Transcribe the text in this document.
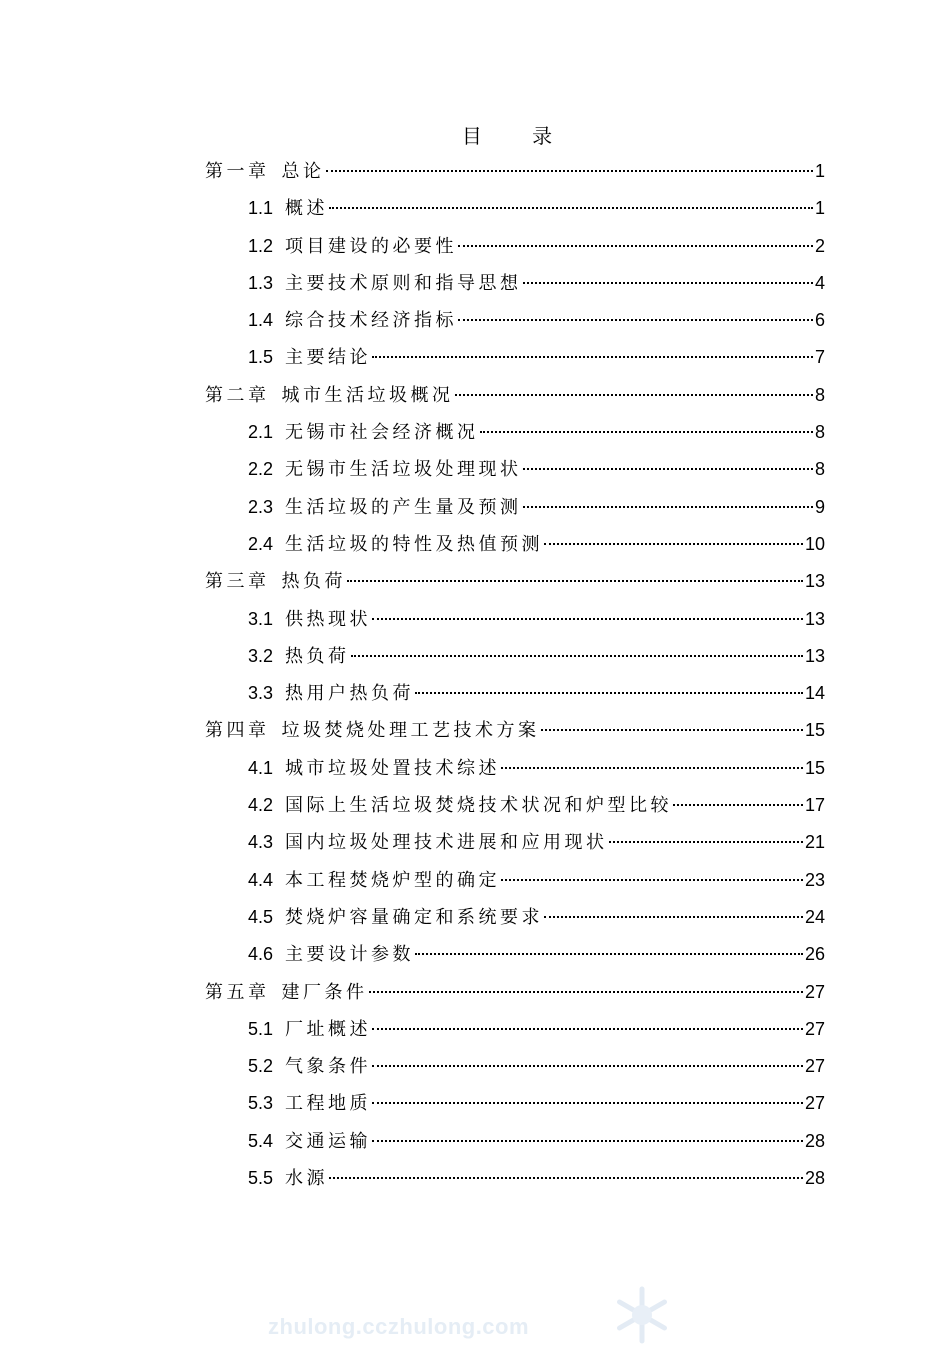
目 录
第一章 总论	1
1.1 概述	1
1.2 项目建设的必要性	2
1.3 主要技术原则和指导思想	4
1.4 综合技术经济指标	6
1.5 主要结论	7
第二章 城市生活垃圾概况	8
2.1 无锡市社会经济概况	8
2.2 无锡市生活垃圾处理现状	8
2.3 生活垃圾的产生量及预测	9
2.4 生活垃圾的特性及热值预测	10
第三章 热负荷	13
3.1 供热现状	13
3.2 热负荷	13
3.3 热用户热负荷	14
第四章 垃圾焚烧处理工艺技术方案	15
4.1 城市垃圾处置技术综述	15
4.2 国际上生活垃圾焚烧技术状况和炉型比较	17
4.3 国内垃圾处理技术进展和应用现状	21
4.4 本工程焚烧炉型的确定	23
4.5 焚烧炉容量确定和系统要求	24
4.6 主要设计参数	26
第五章 建厂条件	27
5.1 厂址概述	27
5.2 气象条件	27
5.3 工程地质	27
5.4 交通运输	28
5.5 水源	28
zhulong.cczhulong.com
